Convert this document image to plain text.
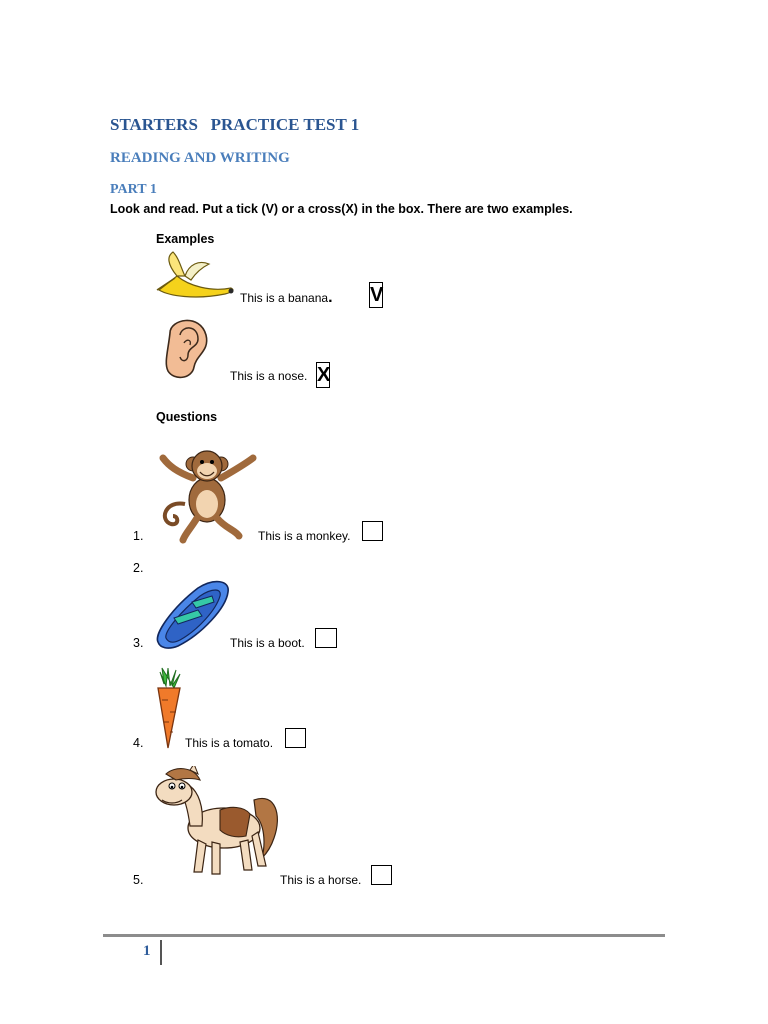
STARTERS   PRACTICE TEST 1
READING AND WRITING
PART 1
Look and read. Put a tick (V) or a cross(X) in the box. There are two examples.
Examples
This is a banana. V
This is a nose. X
Questions
1.	This is a monkey.
2.
3.	This is a boot.
4.	This is a tomato.
5.	This is a horse.
1
